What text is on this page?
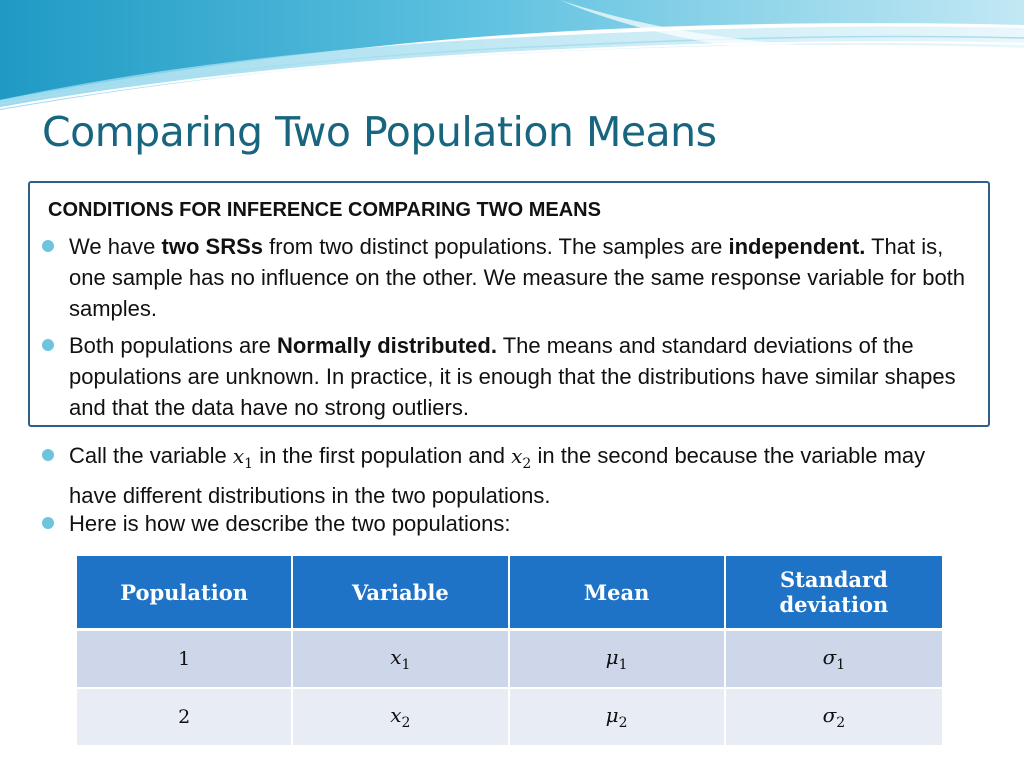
Comparing Two Population Means
CONDITIONS FOR INFERENCE COMPARING TWO MEANS
We have two SRSs from two distinct populations. The samples are independent. That is, one sample has no influence on the other. We measure the same response variable for both samples.
Both populations are Normally distributed. The means and standard deviations of the populations are unknown. In practice, it is enough that the distributions have similar shapes and that the data have no strong outliers.
Call the variable $x_1$ in the first population and $x_2$ in the second because the variable may have different distributions in the two populations.
Here is how we describe the two populations:
Population	Variable	Mean	Standard deviation
1	$x_1$	$\mu_1$	$\sigma_1$
2	$x_2$	$\mu_2$	$\sigma_2$
